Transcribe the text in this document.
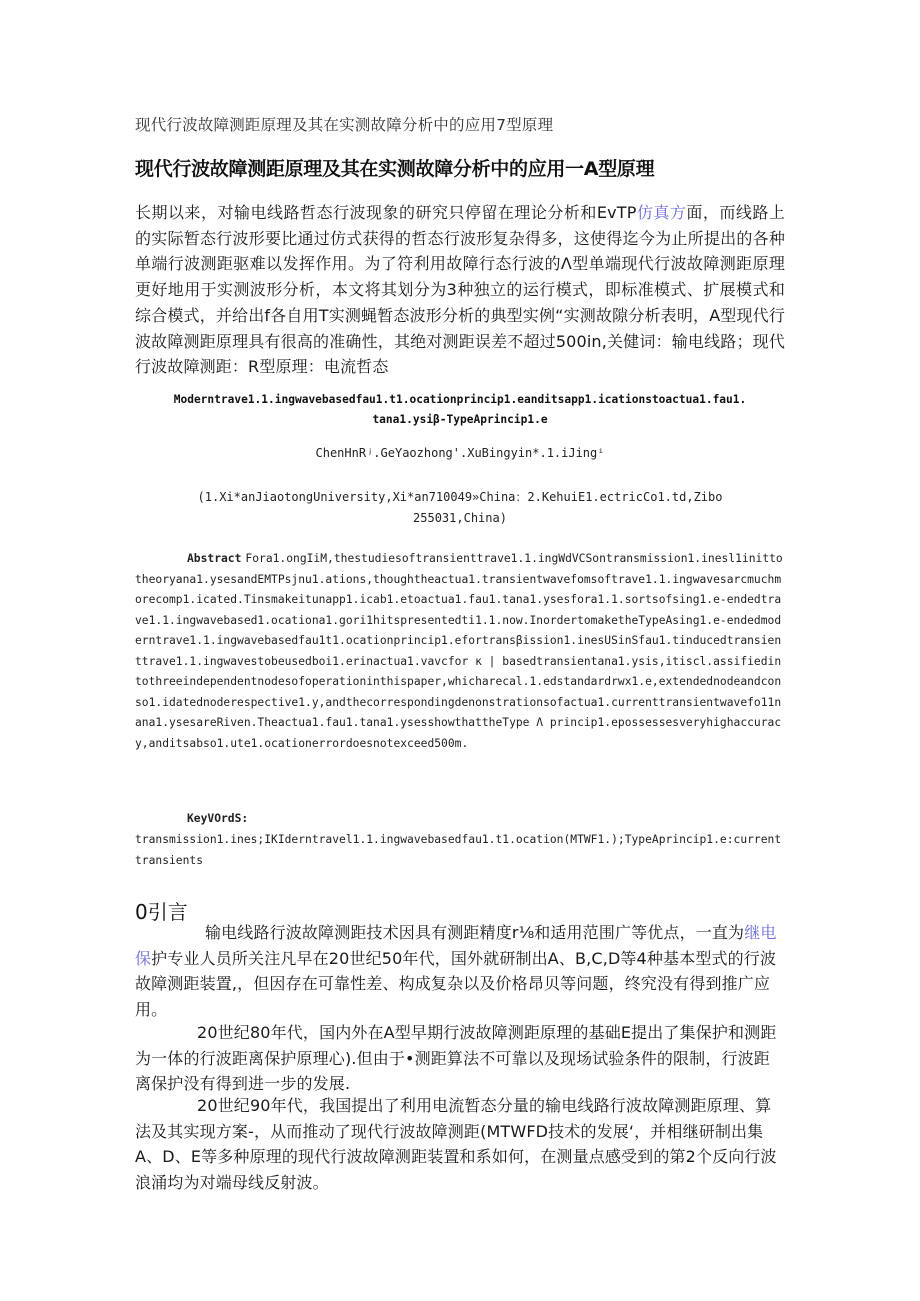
现代行波故障测距原理及其在实测故障分析中的应用7型原理
现代行波故障测距原理及其在实测故障分析中的应用一A型原理
长期以来，对输电线路哲态行波现象的研究只停留在理论分析和EvTP仿真方面，而线路上的实际暂态行波形要比通过仿式获得的哲态行波形复杂得多，这使得迄今为止所提出的各种单端行波测距驱难以发挥作用。为了符利用故障行态行波的Λ型单端现代行波故障测距原理更好地用于实测波形分析，本文将其划分为3种独立的运行模式，即标准模式、扩展模式和综合模式，并给出f各自用T实测蝇暂态波形分析的典型实例“实测故隙分析表明，A型现代行波故障测距原理具有很高的准确性，其绝对测距误差不超过500in,关健词：输电线路；现代行波故障测距：R型原理：电流哲态
Moderntrave1.1.ingwavebasedfau1.t1.ocationprincip1.eanditsapp1.icationstoactua1.fau1.
tana1.ysiβ-TypeAprincip1.e
ChenHnRʲ.GeYaozhong'.XuBingyin*.1.iJingⁱ
(1.Xi*anJiaotongUniversity,Xi*an710049»China：2.KehuiE1.ectricCo1.td,Zibo
255031,China)
Abstract Fora1.ongIiM,thestudiesoftransienttrave1.1.ingWdVCSontransmission1.inesl1inittotheoryana1.ysesandEMTPsjnu1.ations,thoughtheactua1.transientwavefomsoftrave1.1.ingwavesarcmuchmorecomp1.icated.Tinsmakeitunapp1.icab1.etoactua1.fau1.tana1.ysesfora1.1.sortsofsing1.e-endedtrave1.1.ingwavebased1.ocationa1.gori1hitspresentedti1.1.now.InordertomaketheTypeAsing1.e-endedmoderntrave1.1.ingwavebasedfau1t1.ocationprincip1.efortransβission1.inesUSinSfau1.tinducedtransienttrave1.1.ingwavestobeusedboi1.erinactua1.vavcfor κ | basedtransientana1.ysis,itiscl.assifiedintothreeindependentnodesofoperationinthispaper,whicharecal.1.edstandardrwx1.e,extendednodeandconso1.idatednoderespective1.y,andthecorrespondingdenonstrationsofactua1.currenttransientwavefo11nana1.ysesareRiven.Theactua1.fau1.tana1.ysesshowthattheType Λ princip1.epossessesveryhighaccuracy,anditsabso1.ute1.ocationerrordoesnotexceed500m.
KeyVOrdS:
transmission1.ines;IKIderntravel1.1.ingwavebasedfau1.t1.ocation(MTWF1.);TypeAprincip1.e:currenttransients
0引言
输电线路行波故障测距技术因具有测距精度r⅛和适用范围广等优点，一直为继电保护专业人员所关注凡早在20世纪50年代，国外就研制出A、B,C,D等4种基本型式的行波故障测距装置,，但因存在可靠性差、构成复杂以及价格昂贝等问题，终究没有得到推广应用。
20世纪80年代，国内外在A型早期行波故障测距原理的基础E提出了集保护和测距为一体的行波距离保护原理心).但由于•测距算法不可靠以及现场试验条件的限制，行波距离保护没有得到进一步的发展.
20世纪90年代，我国提出了利用电流暂态分量的输电线路行波故障测距原理、算法及其实现方案-，从而推动了现代行波故障测距(MTWFD技术的发展‘，并相继研制出集A、D、E等多种原理的现代行波故障测距装置和系如何，在测量点感受到的第2个反向行波浪涌均为对端母线反射波。
